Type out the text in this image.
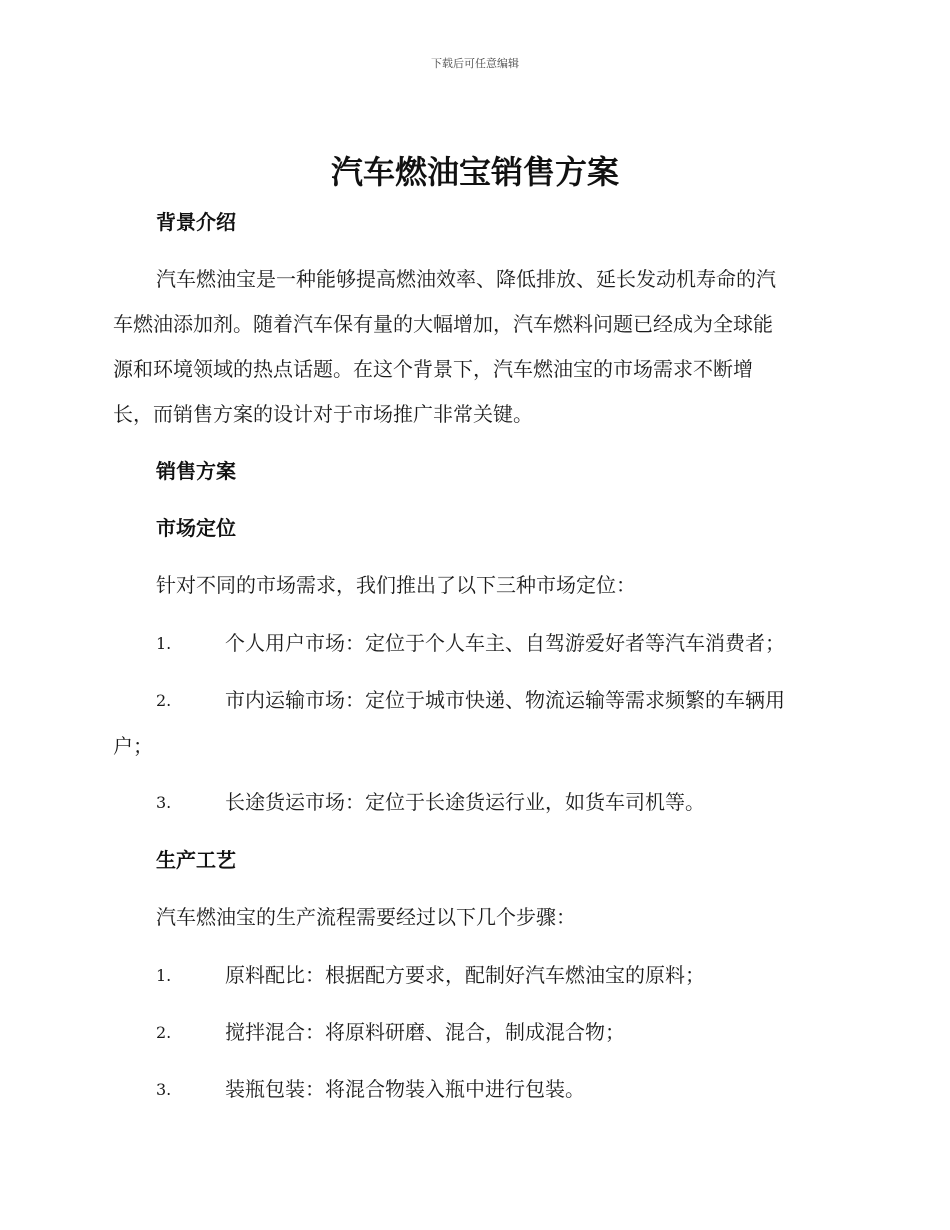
下载后可任意编辑
汽车燃油宝销售方案
背景介绍
汽车燃油宝是一种能够提高燃油效率、降低排放、延长发动机寿命的汽
车燃油添加剂。随着汽车保有量的大幅增加，汽车燃料问题已经成为全球能
源和环境领域的热点话题。在这个背景下，汽车燃油宝的市场需求不断增
长，而销售方案的设计对于市场推广非常关键。
销售方案
市场定位
针对不同的市场需求，我们推出了以下三种市场定位：
1.	个人用户市场：定位于个人车主、自驾游爱好者等汽车消费者；
2.	市内运输市场：定位于城市快递、物流运输等需求频繁的车辆用
户；
3.	长途货运市场：定位于长途货运行业，如货车司机等。
生产工艺
汽车燃油宝的生产流程需要经过以下几个步骤：
1.	原料配比：根据配方要求，配制好汽车燃油宝的原料；
2.	搅拌混合：将原料研磨、混合，制成混合物；
3.	装瓶包装：将混合物装入瓶中进行包装。
